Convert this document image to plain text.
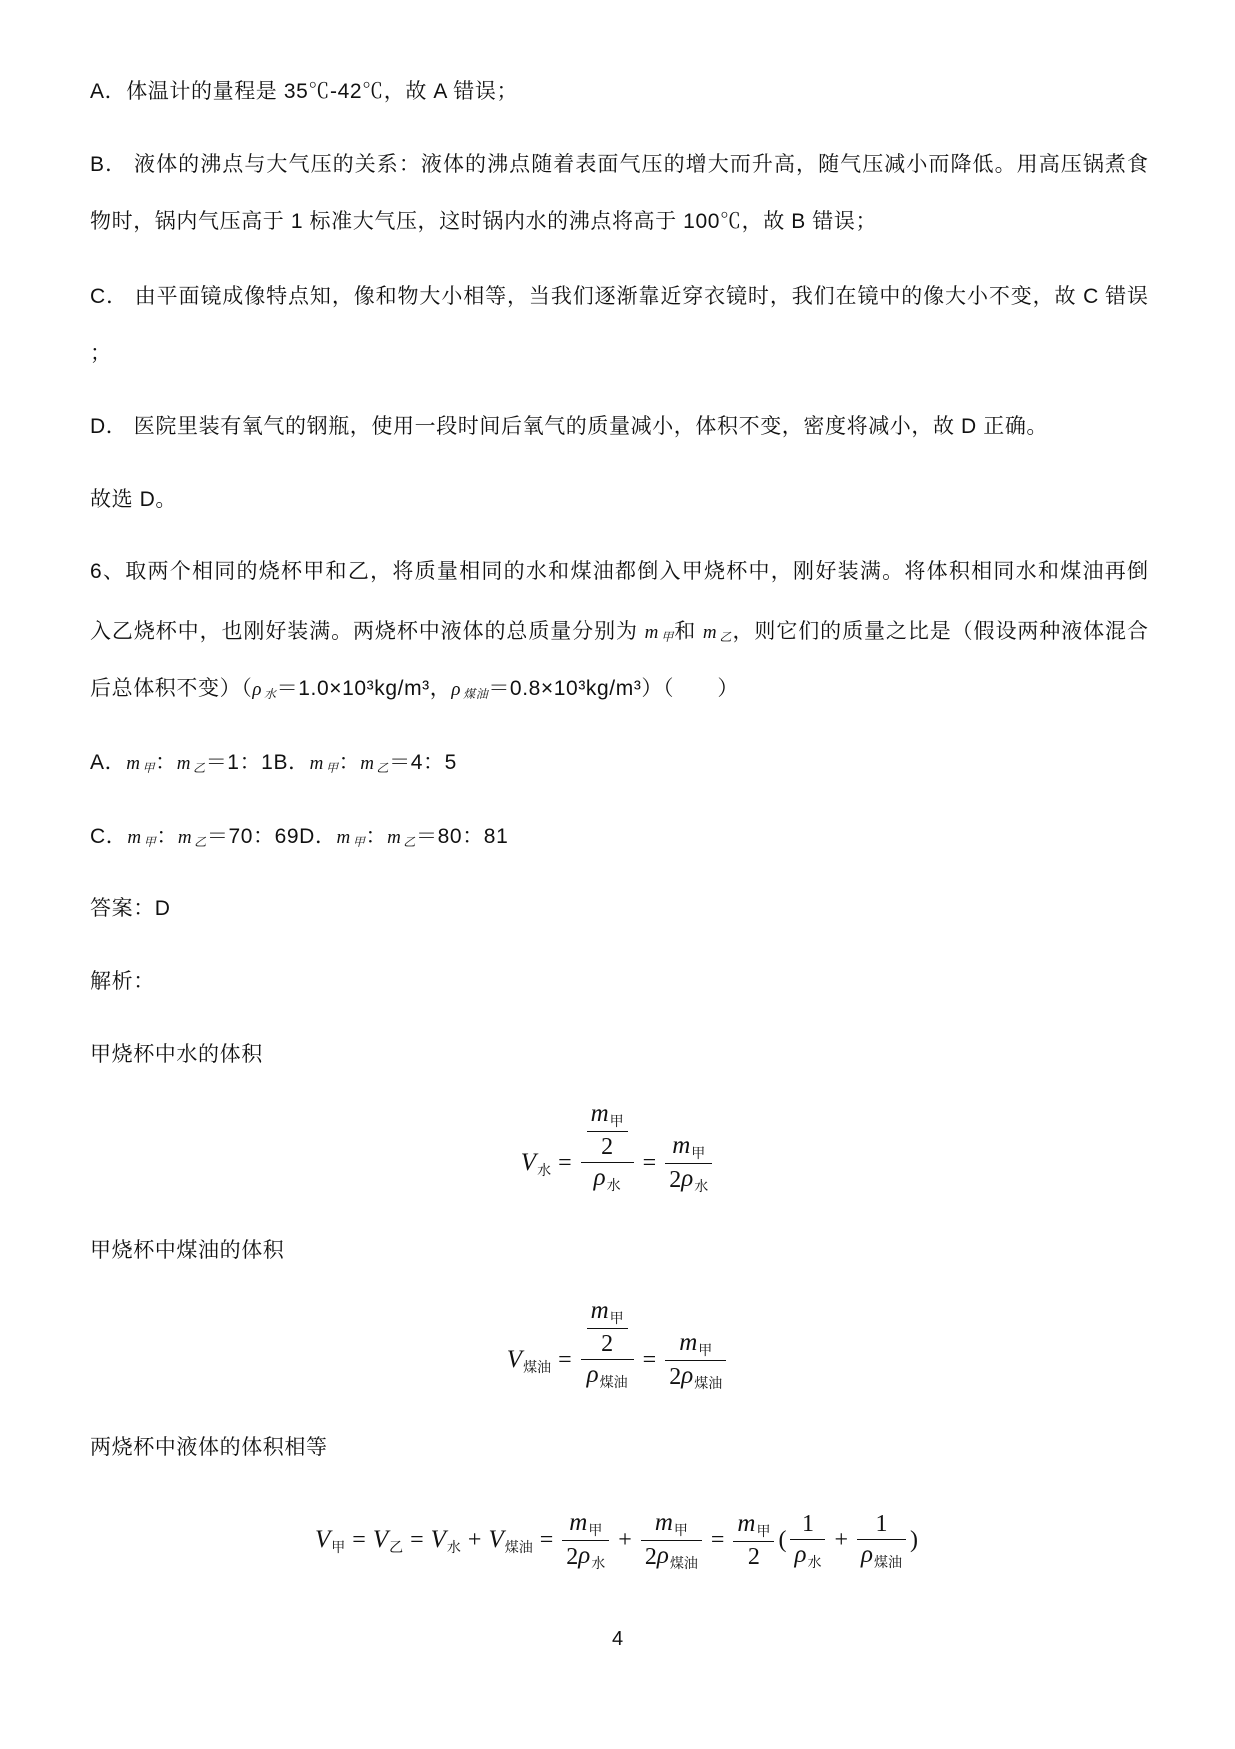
A．体温计的量程是 35℃-42℃，故 A 错误；
B． 液体的沸点与大气压的关系：液体的沸点随着表面气压的增大而升高，随气压减小而降低。用高压锅煮食
物时，锅内气压高于 1 标准大气压，这时锅内水的沸点将高于 100℃，故 B 错误；
C． 由平面镜成像特点知，像和物大小相等，当我们逐渐靠近穿衣镜时，我们在镜中的像大小不变，故 C 错误
；
D． 医院里装有氧气的钢瓶，使用一段时间后氧气的质量减小，体积不变，密度将减小，故 D 正确。
故选 D。
6、取两个相同的烧杯甲和乙，将质量相同的水和煤油都倒入甲烧杯中，刚好装满。将体积相同水和煤油再倒
入乙烧杯中，也刚好装满。两烧杯中液体的总质量分别为 m 甲和 m 乙，则它们的质量之比是（假设两种液体混合
后总体积不变）（ρ 水＝1.0×10³kg/m³，ρ 煤油＝0.8×10³kg/m³）（　　）
A．m 甲：m 乙＝1：1B．m 甲：m 乙＝4：5
C．m 甲：m 乙＝70：69D．m 甲：m 乙＝80：81
答案：D
解析：
甲烧杯中水的体积
V 水 = $\frac{\frac{\text{m 甲}}{2}}{\text{ρ 水}} = \frac{\text{m 甲}}{\text{2 ρ 水}}$
甲烧杯中煤油的体积
V 煤油 = $\frac{\frac{\text{m 甲}}{2}}{\text{ρ 煤油}} = \frac{\text{m 甲}}{\text{2 ρ 煤油}}$
两烧杯中液体的体积相等
V 甲 = V 乙 = V 水 + V 煤油 = $\frac{\text{m 甲}}{\text{2 ρ 水}} + \frac{\text{m 甲}}{\text{2 ρ 煤油}} = \frac{\text{m 甲}}{2}$ ( $\frac{1}{\text{ρ 水}} + \frac{1}{\text{ρ 煤油}}$ )
4
